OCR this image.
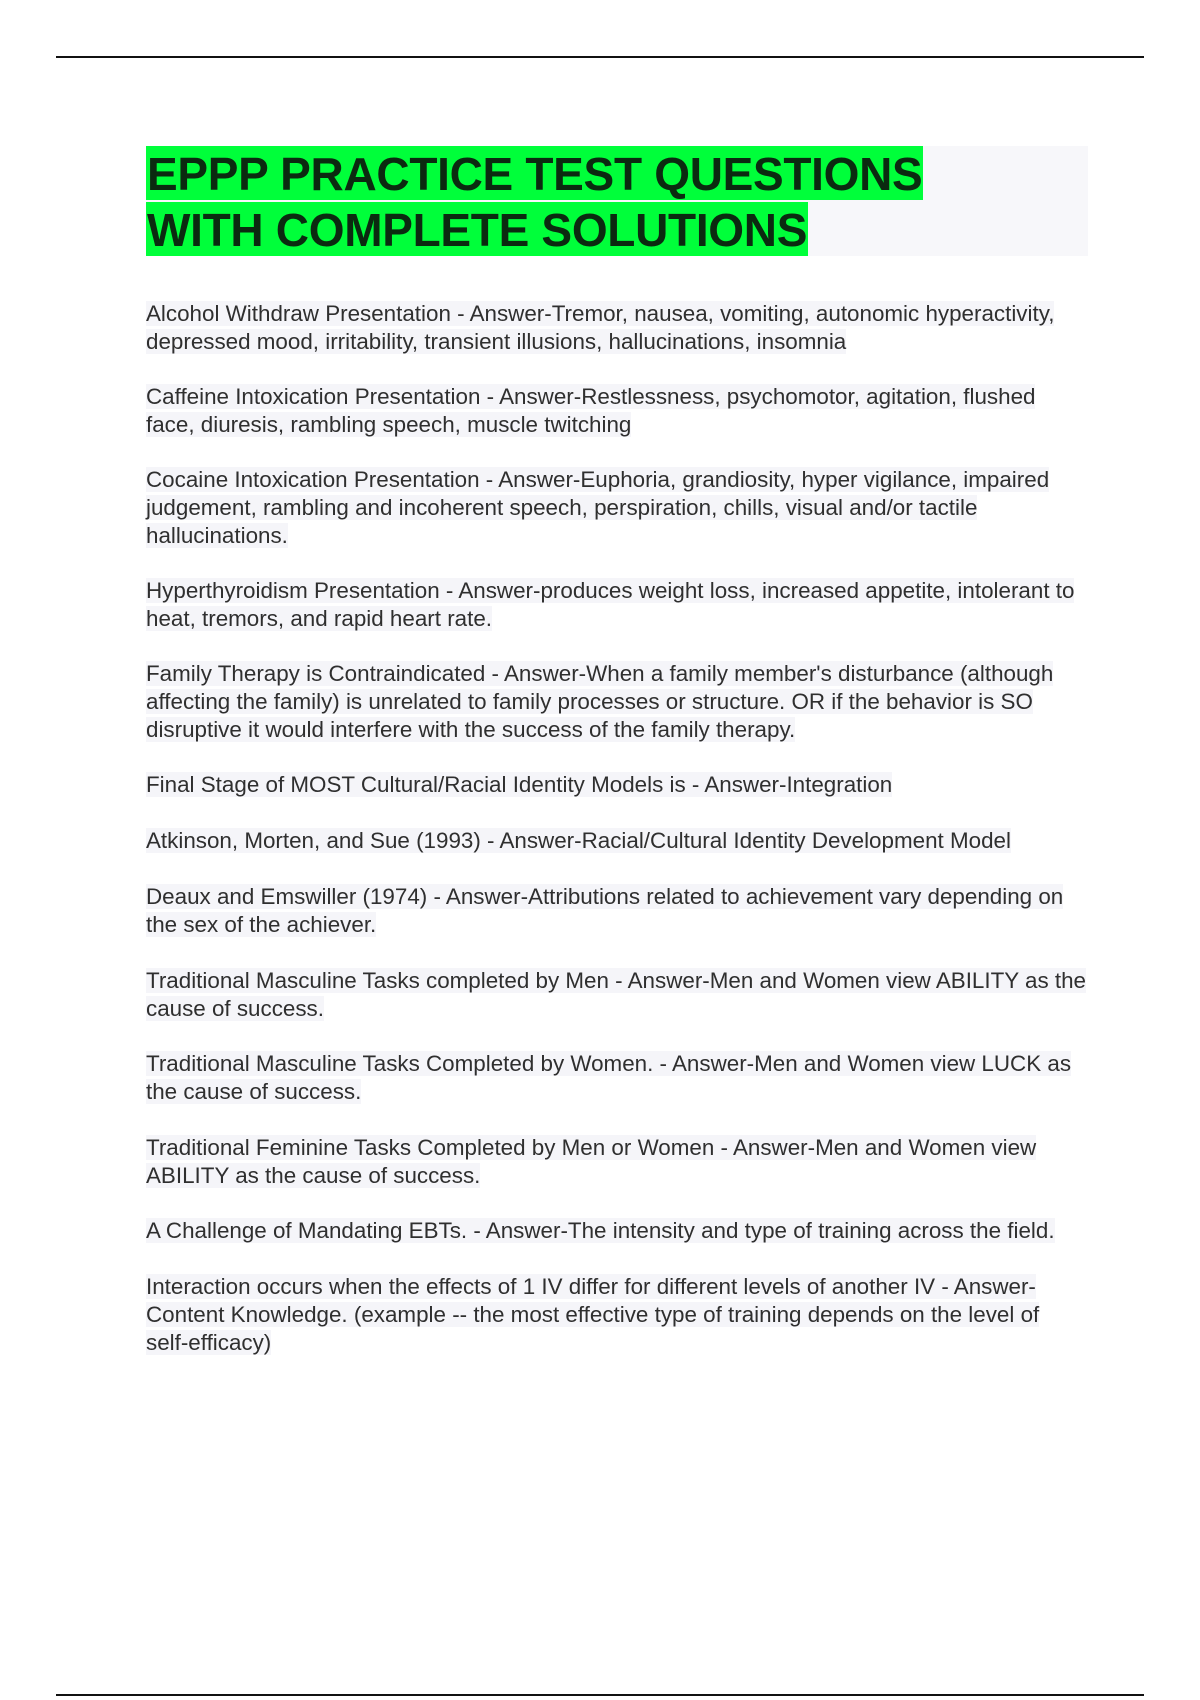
EPPP PRACTICE TEST QUESTIONS
WITH COMPLETE SOLUTIONS

Alcohol Withdraw Presentation - Answer-Tremor, nausea, vomiting, autonomic hyperactivity, depressed mood, irritability, transient illusions, hallucinations, insomnia

Caffeine Intoxication Presentation - Answer-Restlessness, psychomotor, agitation, flushed face, diuresis, rambling speech, muscle twitching

Cocaine Intoxication Presentation - Answer-Euphoria, grandiosity, hyper vigilance, impaired judgement, rambling and incoherent speech, perspiration, chills, visual and/or tactile hallucinations.

Hyperthyroidism Presentation - Answer-produces weight loss, increased appetite, intolerant to heat, tremors, and rapid heart rate.

Family Therapy is Contraindicated - Answer-When a family member's disturbance (although affecting the family) is unrelated to family processes or structure. OR if the behavior is SO disruptive it would interfere with the success of the family therapy.

Final Stage of MOST Cultural/Racial Identity Models is - Answer-Integration

Atkinson, Morten, and Sue (1993) - Answer-Racial/Cultural Identity Development Model

Deaux and Emswiller (1974) - Answer-Attributions related to achievement vary depending on the sex of the achiever.

Traditional Masculine Tasks completed by Men - Answer-Men and Women view ABILITY as the cause of success.

Traditional Masculine Tasks Completed by Women. - Answer-Men and Women view LUCK as the cause of success.

Traditional Feminine Tasks Completed by Men or Women - Answer-Men and Women view ABILITY as the cause of success.

A Challenge of Mandating EBTs. - Answer-The intensity and type of training across the field.

Interaction occurs when the effects of 1 IV differ for different levels of another IV - Answer-Content Knowledge. (example -- the most effective type of training depends on the level of self-efficacy)
